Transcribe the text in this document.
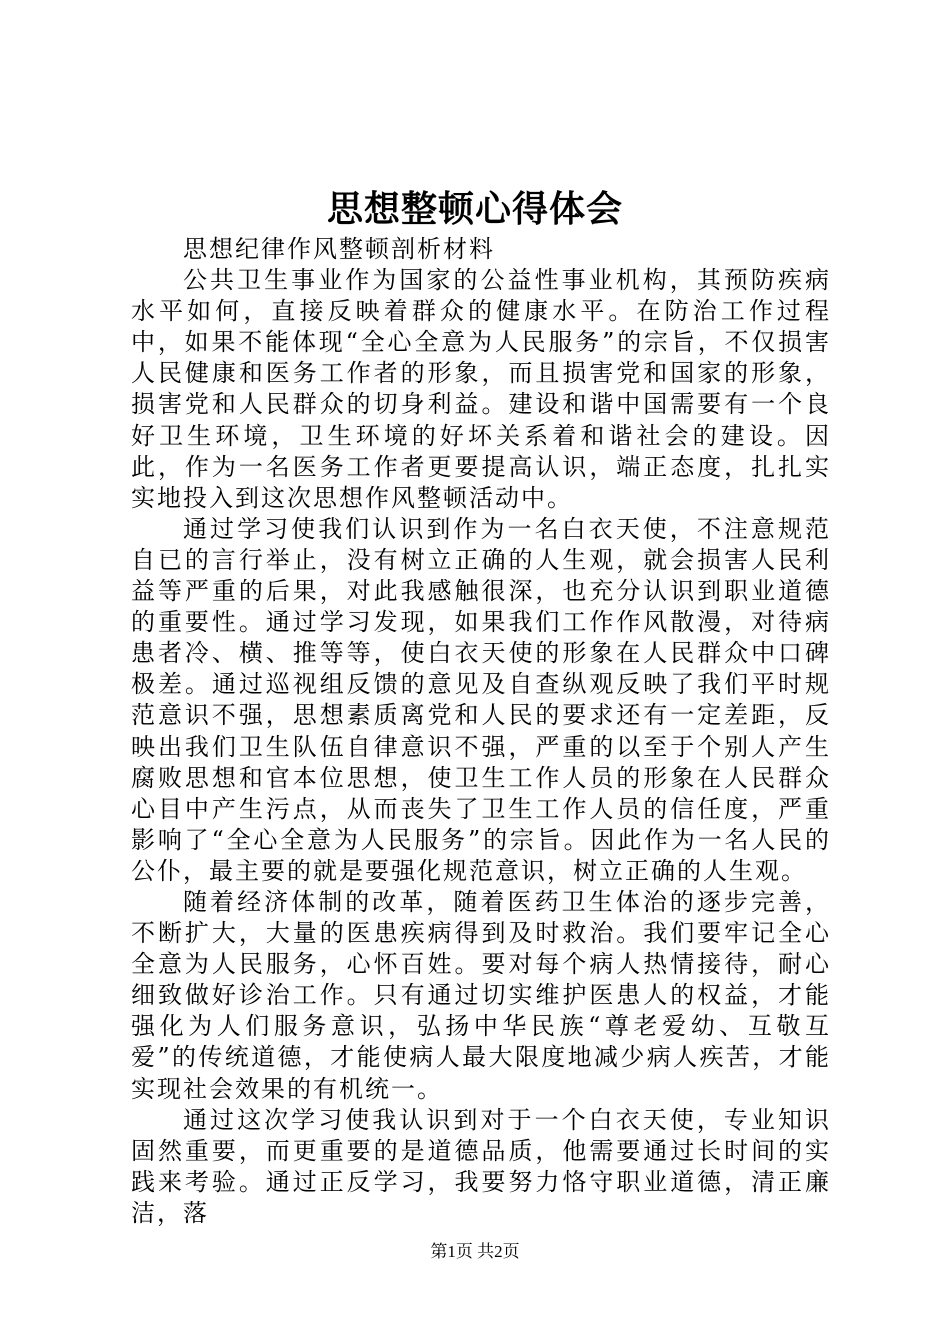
思想整顿心得体会

思想纪律作风整顿剖析材料

公共卫生事业作为国家的公益性事业机构，其预防疾病水平如何，直接反映着群众的健康水平。在防治工作过程中，如果不能体现“全心全意为人民服务”的宗旨，不仅损害人民健康和医务工作者的形象，而且损害党和国家的形象，损害党和人民群众的切身利益。建设和谐中国需要有一个良好卫生环境，卫生环境的好坏关系着和谐社会的建设。因此，作为一名医务工作者更要提高认识，端正态度，扎扎实实地投入到这次思想作风整顿活动中。

通过学习使我们认识到作为一名白衣天使，不注意规范自已的言行举止，没有树立正确的人生观，就会损害人民利益等严重的后果，对此我感触很深，也充分认识到职业道德的重要性。通过学习发现，如果我们工作作风散漫，对待病患者冷、横、推等等，使白衣天使的形象在人民群众中口碑极差。通过巡视组反馈的意见及自查纵观反映了我们平时规范意识不强，思想素质离党和人民的要求还有一定差距，反映出我们卫生队伍自律意识不强，严重的以至于个别人产生腐败思想和官本位思想，使卫生工作人员的形象在人民群众心目中产生污点，从而丧失了卫生工作人员的信任度，严重影响了“全心全意为人民服务”的宗旨。因此作为一名人民的公仆，最主要的就是要强化规范意识，树立正确的人生观。

随着经济体制的改革，随着医药卫生体治的逐步完善，不断扩大，大量的医患疾病得到及时救治。我们要牢记全心全意为人民服务，心怀百姓。要对每个病人热情接待，耐心细致做好诊治工作。只有通过切实维护医患人的权益，才能强化为人们服务意识，弘扬中华民族“尊老爱幼、互敬互爱”的传统道德，才能使病人最大限度地减少病人疾苦，才能实现社会效果的有机统一。

通过这次学习使我认识到对于一个白衣天使，专业知识固然重要，而更重要的是道德品质，他需要通过长时间的实践来考验。通过正反学习，我要努力恪守职业道德，清正廉洁，落

第1页 共2页
